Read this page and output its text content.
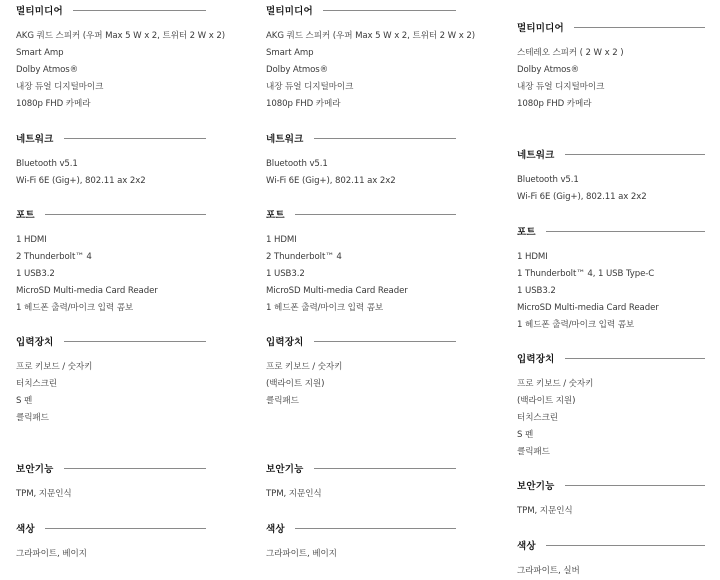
멀티미디어
AKG 쿼드 스피커 (우퍼 Max 5 W x 2, 트위터 2 W x 2)
Smart Amp
Dolby Atmos®
내장 듀얼 디지털마이크
1080p FHD 카메라
네트워크
Bluetooth v5.1
Wi-Fi 6E (Gig+), 802.11 ax 2x2
포트
1 HDMI
2 Thunderbolt™ 4
1 USB3.2
MicroSD Multi-media Card Reader
1 헤드폰 출력/마이크 입력 콤보
입력장치
프로 키보드 / 숫자키
터치스크린
S 펜
클릭패드
보안기능
TPM, 지문인식
색상
그라파이트, 베이지
멀티미디어
AKG 쿼드 스피커 (우퍼 Max 5 W x 2, 트위터 2 W x 2)
Smart Amp
Dolby Atmos®
내장 듀얼 디지털마이크
1080p FHD 카메라
네트워크
Bluetooth v5.1
Wi-Fi 6E (Gig+), 802.11 ax 2x2
포트
1 HDMI
2 Thunderbolt™ 4
1 USB3.2
MicroSD Multi-media Card Reader
1 헤드폰 출력/마이크 입력 콤보
입력장치
프로 키보드 / 숫자키
(백라이트 지원)
클릭패드
보안기능
TPM, 지문인식
색상
그라파이트, 베이지
멀티미디어
스테레오 스피커 ( 2 W x 2 )
Dolby Atmos®
내장 듀얼 디지털마이크
1080p FHD 카메라
네트워크
Bluetooth v5.1
Wi-Fi 6E (Gig+), 802.11 ax 2x2
포트
1 HDMI
1 Thunderbolt™ 4, 1 USB Type-C
1 USB3.2
MicroSD Multi-media Card Reader
1 헤드폰 출력/마이크 입력 콤보
입력장치
프로 키보드 / 숫자키
(백라이트 지원)
터치스크린
S 펜
클릭패드
보안기능
TPM, 지문인식
색상
그라파이트, 실버
